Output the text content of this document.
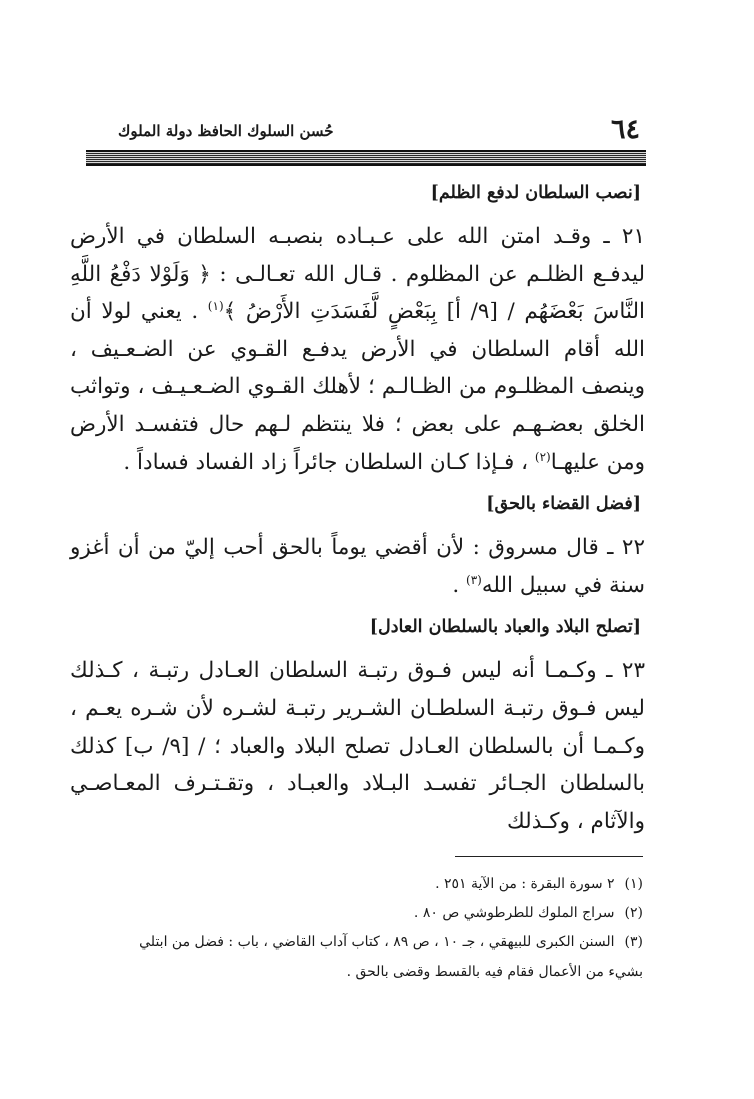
٦٤
حُسن السلوك الحافظ دولة الملوك
[نصب السلطان لدفع الظلم]

٢١ ـ وقـد امتن الله على عـبـاده بنصبـه السلطان في الأرض ليدفـع الظلـم عن المظلوم . قـال الله تعـالـى : ﴿ وَلَوْلا دَفْعُ اللَّهِ النَّاسَ بَعْضَهُم / [٩/ أ] بِبَعْضٍ لَّفَسَدَتِ الأَرْضُ ﴾$^{(١)}$ . يعني لولا أن الله أقام السلطان في الأرض يدفـع القـوي عن الضـعـيف ، وينصف المظلـوم من الظـالـم ؛ لأهلك القـوي الضـعـيـف ، وتواثب الخلق بعضـهـم على بعض ؛ فلا ينتظم لـهم حال فتفسـد الأرض ومن عليهـا$^{(٢)}$ ، فـإذا كـان السلطان جائراً زاد الفساد فساداً .

[فضل القضاء بالحق]

٢٢ ـ قال مسروق : لأن أقضي يوماً بالحق أحب إليّ من أن أغزو سنة في سبيل الله$^{(٣)}$ .

[تصلح البلاد والعباد بالسلطان العادل]

٢٣ ـ وكـمـا أنه ليس فـوق رتبـة السلطان العـادل رتبـة ، كـذلك ليس فـوق رتبـة السلطـان الشـرير رتبـة لشـره لأن شـره يعـم ، وكـمـا أن بالسلطان العـادل تصلح البلاد والعباد ؛ / [٩/ ب] كذلك بالسلطان الجـائر تفسـد البـلاد والعبـاد ، وتقـتـرف المعـاصـي والآثام ، وكـذلك

(١)٢ سورة البقرة : من الآية ٢٥١ .

(٢)سراج الملوك للطرطوشي ص ٨٠ .

(٣)السنن الكبرى للبيهقي ، جـ ١٠ ، ص ٨٩ ، كتاب آداب القاضي ، باب : فضل من ابتلي

بشيء من الأعمال فقام فيه بالقسط وقضى بالحق .
